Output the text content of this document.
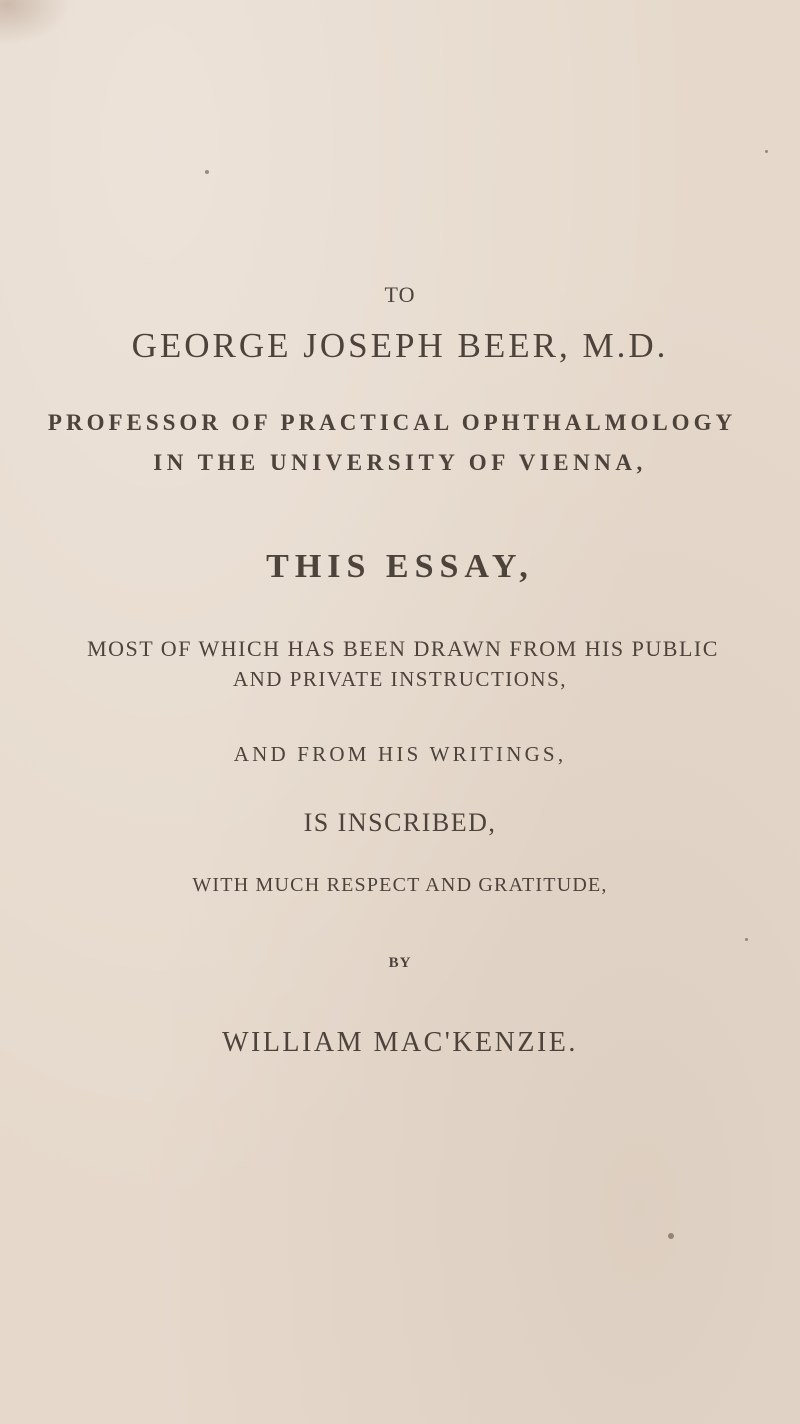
TO
GEORGE JOSEPH BEER, M.D.
PROFESSOR OF PRACTICAL OPHTHALMOLOGY
IN THE UNIVERSITY OF VIENNA,
THIS ESSAY,
MOST OF WHICH HAS BEEN DRAWN FROM HIS PUBLIC
AND PRIVATE INSTRUCTIONS,
AND FROM HIS WRITINGS,
IS INSCRIBED,
WITH MUCH RESPECT AND GRATITUDE,
BY
WILLIAM MAC'KENZIE.
